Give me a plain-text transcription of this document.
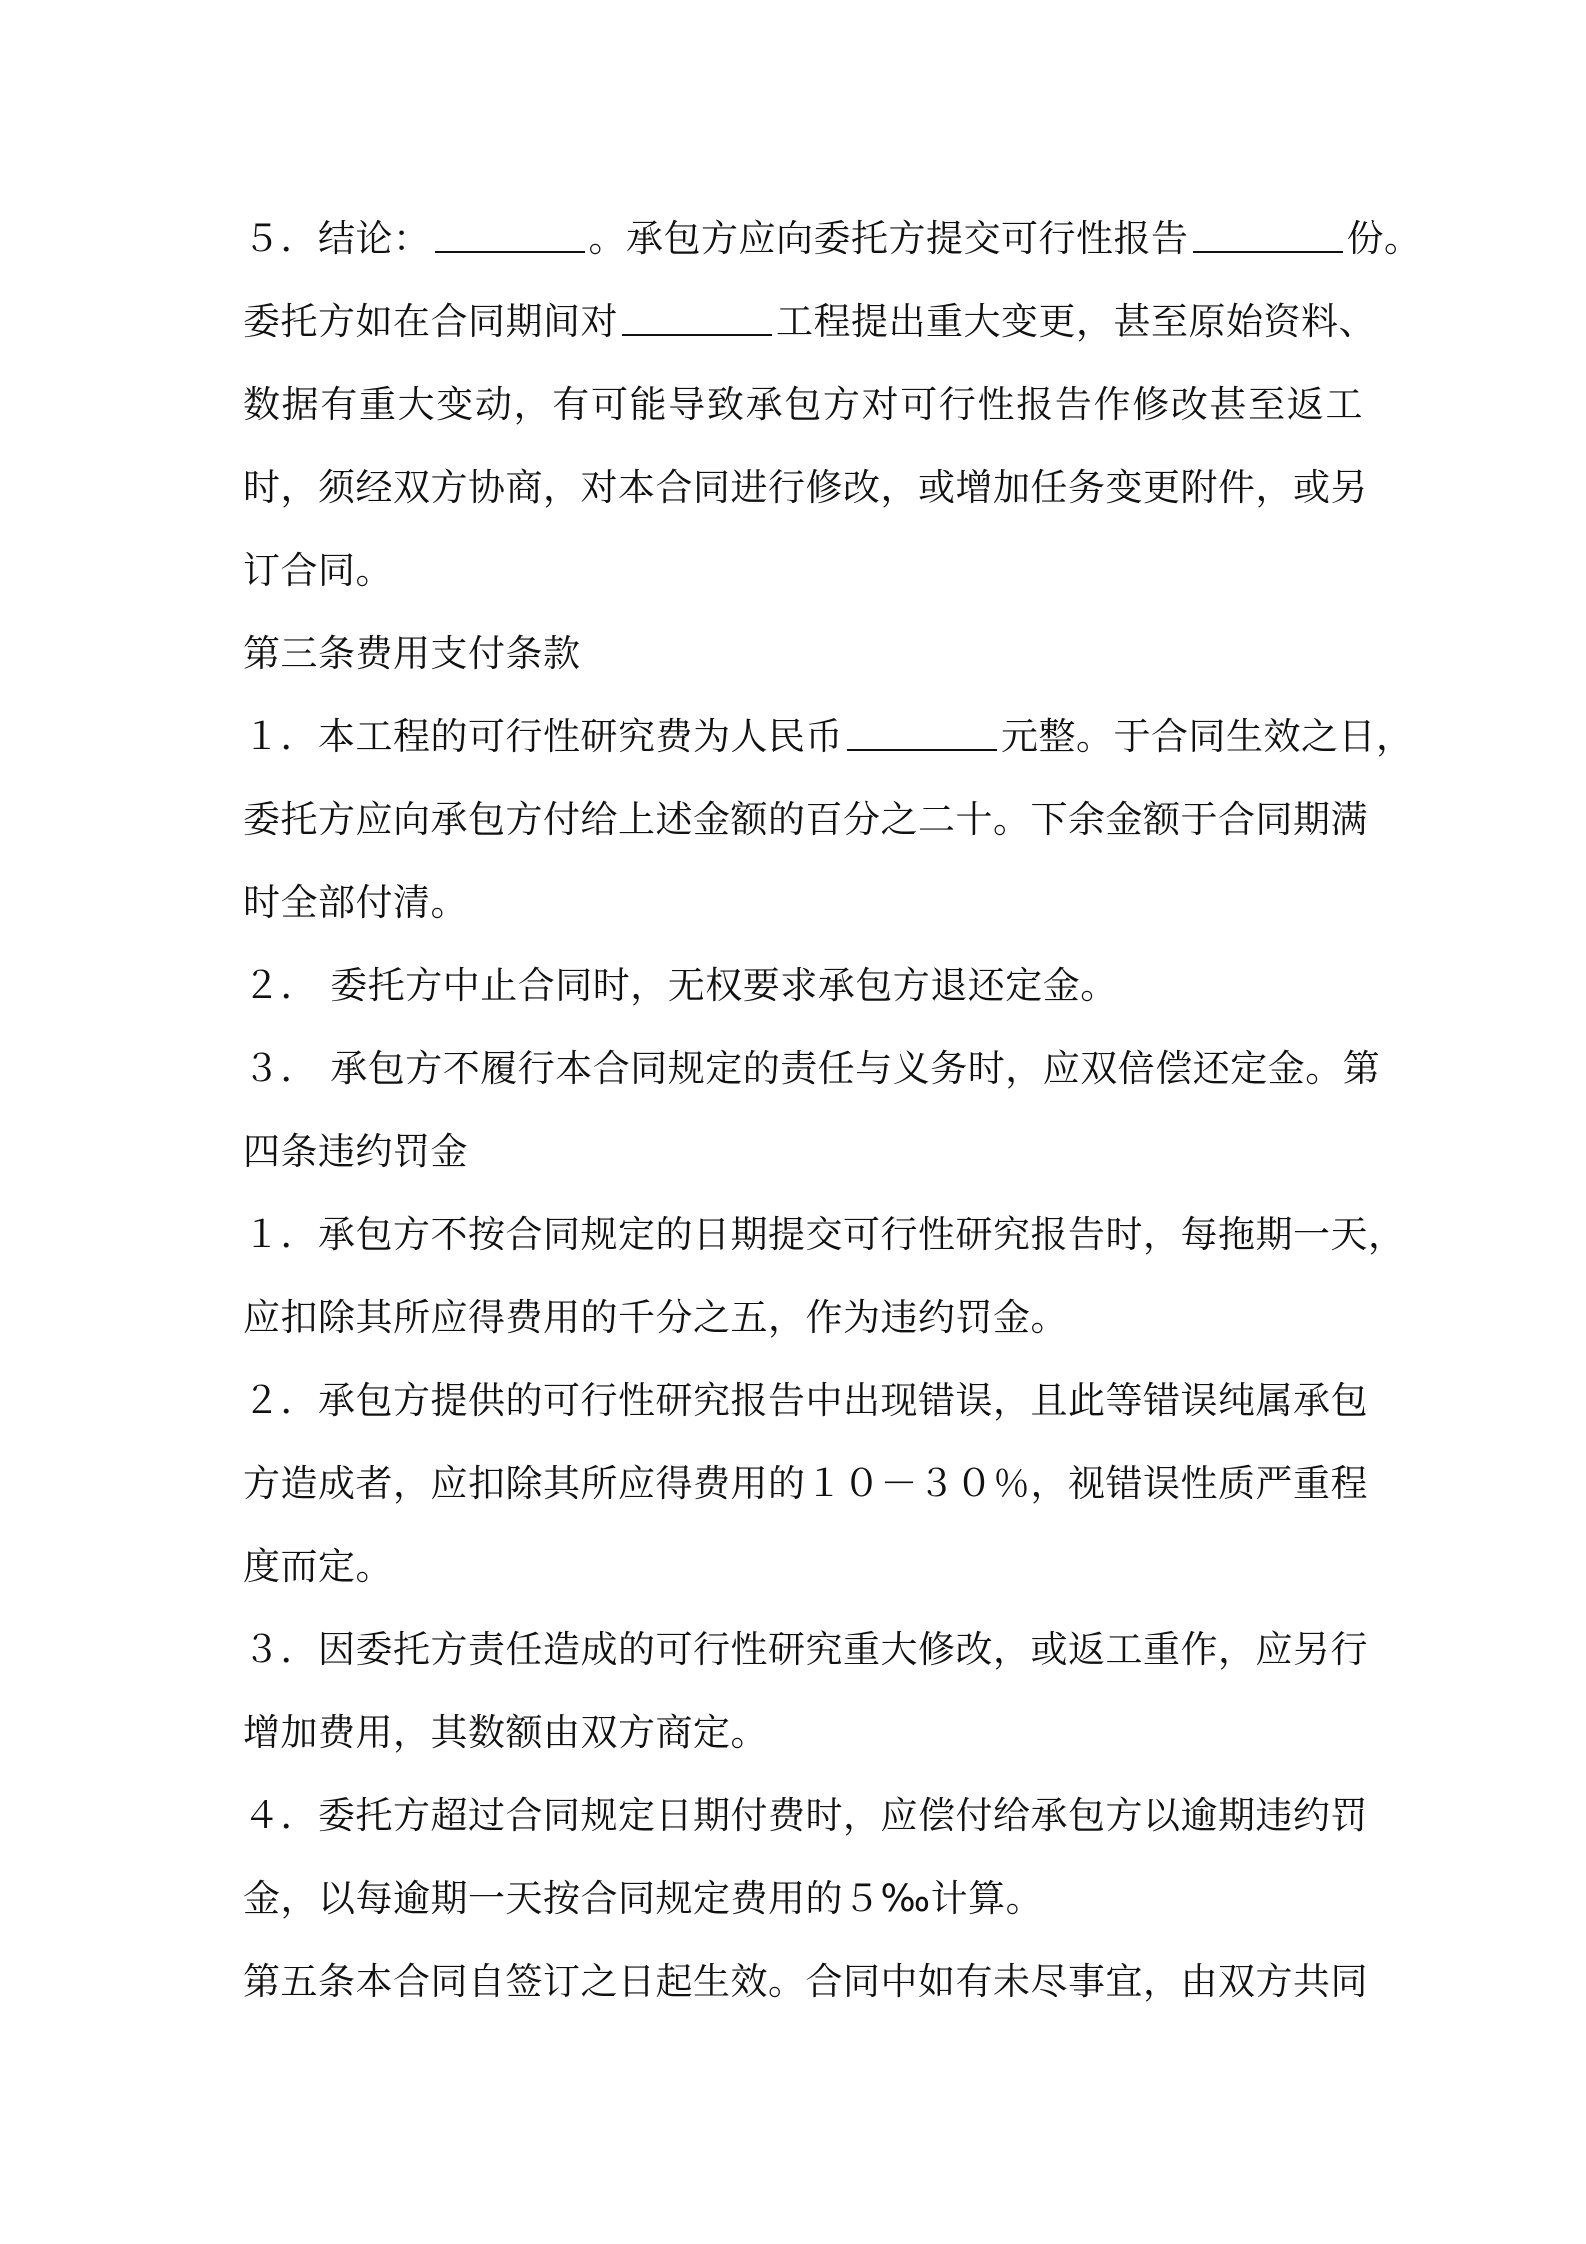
５．结论：	。承包方应向委托方提交可行性报告	份。
委托方如在合同期间对	工程提出重大变更，甚至原始资料、
数据有重大变动，有可能导致承包方对可行性报告作修改甚至返工
时，须经双方协商，对本合同进行修改，或增加任务变更附件，或另
订合同。
第三条费用支付条款
１．本工程的可行性研究费为人民币	元整。于合同生效之日，
委托方应向承包方付给上述金额的百分之二十。下余金额于合同期满
时全部付清。
２． 委托方中止合同时，无权要求承包方退还定金。
３． 承包方不履行本合同规定的责任与义务时，应双倍偿还定金。第
四条违约罚金
１．承包方不按合同规定的日期提交可行性研究报告时，每拖期一天，
应扣除其所应得费用的千分之五，作为违约罚金。
２．承包方提供的可行性研究报告中出现错误，且此等错误纯属承包
方造成者，应扣除其所应得费用的１０－３０％，视错误性质严重程
度而定。
３．因委托方责任造成的可行性研究重大修改，或返工重作，应另行
增加费用，其数额由双方商定。
４．委托方超过合同规定日期付费时，应偿付给承包方以逾期违约罚
金，以每逾期一天按合同规定费用的５‰计算。
第五条本合同自签订之日起生效。合同中如有未尽事宜，由双方共同
